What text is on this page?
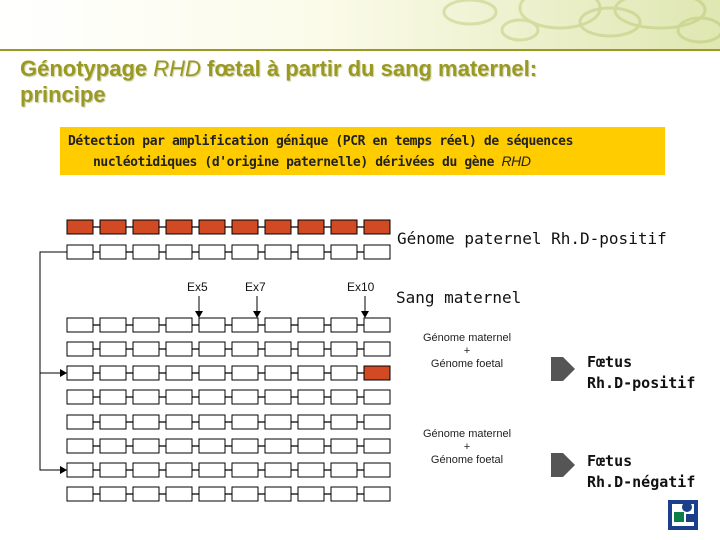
Génotypage RHD fœtal à partir du sang maternel:
principe
Détection par amplification génique (PCR en temps réel) de séquences
nucléotidiques (d'origine paternelle) dérivées du gène RHD
Génome paternel Rh.D-positif
Sang maternel
Ex5	Ex7	Ex10
Génome maternel
+
Génome foetal
Génome maternel
+
Génome foetal
Fœtus
Rh.D-positif
Fœtus
Rh.D-négatif
